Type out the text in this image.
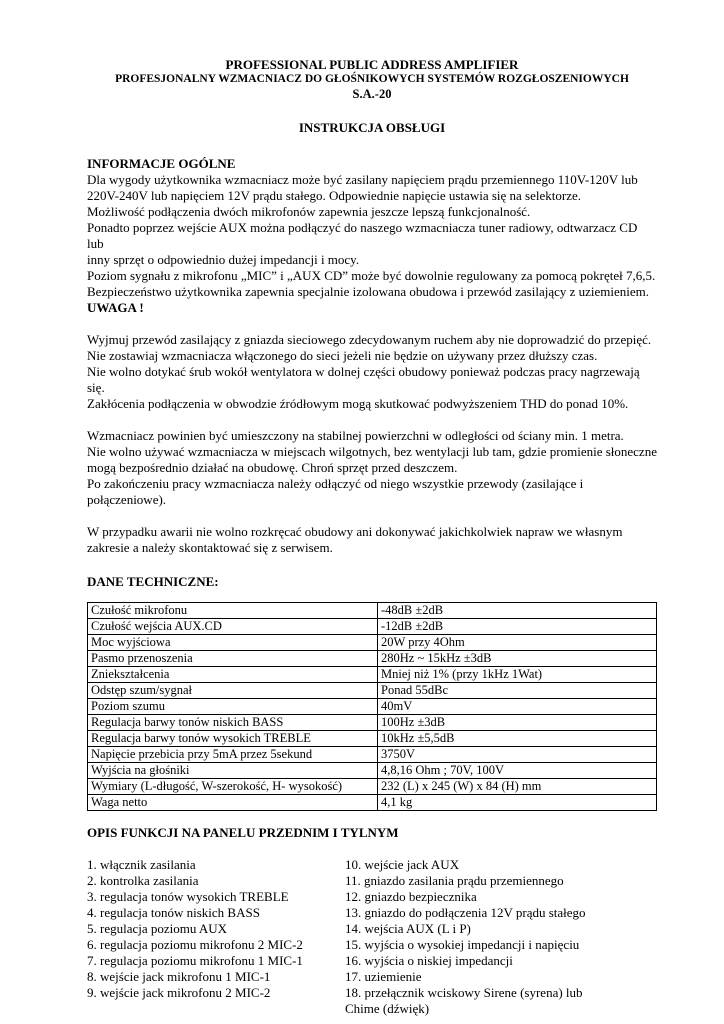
PROFESSIONAL PUBLIC ADDRESS AMPLIFIER
PROFESJONALNY WZMACNIACZ DO GŁOŚNIKOWYCH SYSTEMÓW ROZGŁOSZENIOWYCH
S.A.-20
INSTRUKCJA OBSŁUGI
INFORMACJE OGÓLNE

Dla wygody użytkownika wzmacniacz może być zasilany napięciem prądu przemiennego 110V-120V lub

220V-240V lub napięciem 12V prądu stałego. Odpowiednie napięcie ustawia się na selektorze.

Możliwość podłączenia dwóch mikrofonów zapewnia jeszcze lepszą funkcjonalność.

Ponadto poprzez wejście AUX można podłączyć do naszego wzmacniacza tuner radiowy, odtwarzacz CD lub

inny sprzęt o odpowiednio dużej impedancji i mocy.

Poziom sygnału z mikrofonu „MIC” i „AUX CD” może być dowolnie regulowany za pomocą pokręteł 7,6,5.

Bezpieczeństwo użytkownika zapewnia specjalnie izolowana obudowa i przewód zasilający z uziemieniem.

UWAGA !

Wyjmuj przewód zasilający z gniazda sieciowego zdecydowanym ruchem aby nie doprowadzić do przepięć.

Nie zostawiaj wzmacniacza włączonego do sieci jeżeli nie będzie on używany przez dłuższy czas.

Nie wolno dotykać śrub wokół wentylatora w dolnej części obudowy ponieważ podczas pracy nagrzewają się.

Zakłócenia podłączenia w obwodzie źródłowym mogą skutkować podwyższeniem THD do ponad 10%.

Wzmacniacz powinien być umieszczony na stabilnej powierzchni w odległości od ściany min. 1 metra.

Nie wolno używać wzmacniacza w miejscach wilgotnych, bez wentylacji lub tam, gdzie promienie słoneczne

mogą bezpośrednio działać na obudowę. Chroń sprzęt przed deszczem.

Po zakończeniu pracy wzmacniacza należy odłączyć od niego wszystkie przewody (zasilające i

połączeniowe).

W przypadku awarii nie wolno rozkręcać obudowy ani dokonywać jakichkolwiek napraw we własnym

zakresie a należy skontaktować się z serwisem.

DANE TECHNICZNE:
Czułość mikrofonu	-48dB ±2dB
Czułość wejścia AUX.CD	-12dB ±2dB
Moc wyjściowa	20W przy 4Ohm
Pasmo przenoszenia	280Hz ~ 15kHz ±3dB
Zniekształcenia	Mniej niż 1% (przy 1kHz 1Wat)
Odstęp szum/sygnał	Ponad 55dBc
Poziom szumu	40mV
Regulacja barwy tonów niskich BASS	100Hz ±3dB
Regulacja barwy tonów wysokich TREBLE	10kHz ±5,5dB
Napięcie przebicia przy 5mA przez 5sekund	3750V
Wyjścia na głośniki	4,8,16 Ohm ; 70V, 100V
Wymiary (L-długość, W-szerokość, H- wysokość)	232 (L) x 245 (W) x 84 (H) mm
Waga netto	4,1 kg
OPIS FUNKCJI NA PANELU PRZEDNIM I TYLNYM
1. włącznik zasilania
2. kontrolka zasilania
3. regulacja tonów wysokich TREBLE
4. regulacja tonów niskich BASS
5. regulacja poziomu AUX
6. regulacja poziomu mikrofonu 2 MIC-2
7. regulacja poziomu mikrofonu 1 MIC-1
8. wejście jack mikrofonu 1 MIC-1
9. wejście jack mikrofonu 2 MIC-2
10. wejście jack AUX
11. gniazdo zasilania prądu przemiennego
12. gniazdo bezpiecznika
13. gniazdo do podłączenia 12V prądu stałego
14. wejścia AUX (L i P)
15. wyjścia o wysokiej impedancji i napięciu
16. wyjścia o niskiej impedancji
17. uziemienie
18. przełącznik wciskowy Sirene (syrena) lub
Chime (dźwięk)
